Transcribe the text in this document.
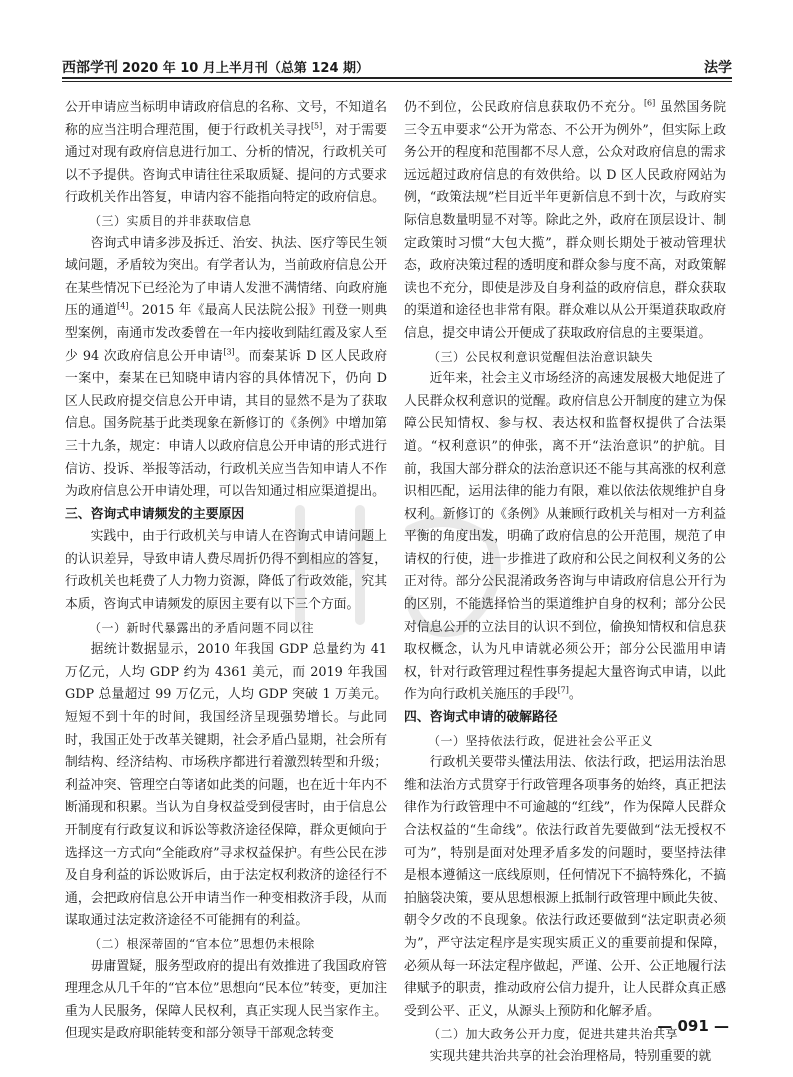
西部学刊 2020 年 10 月上半月刊（总第 124 期）	法学
公开申请应当标明申请政府信息的名称、文号，不知道名称的应当注明合理范围，便于行政机关寻找[5]，对于需要通过对现有政府信息进行加工、分析的情况，行政机关可以不予提供。咨询式申请往往采取质疑、提问的方式要求行政机关作出答复，申请内容不能指向特定的政府信息。
（三）实质目的并非获取信息
咨询式申请多涉及拆迁、治安、执法、医疗等民生领域问题，矛盾较为突出。有学者认为，当前政府信息公开在某些情况下已经沦为了申请人发泄不满情绪、向政府施压的通道[4]。2015 年《最高人民法院公报》刊登一则典型案例，南通市发改委曾在一年内接收到陆红霞及家人至少 94 次政府信息公开申请[3]。而秦某诉 D 区人民政府一案中，秦某在已知晓申请内容的具体情况下，仍向 D 区人民政府提交信息公开申请，其目的显然不是为了获取信息。国务院基于此类现象在新修订的《条例》中增加第三十九条，规定：申请人以政府信息公开申请的形式进行信访、投诉、举报等活动，行政机关应当告知申请人不作为政府信息公开申请处理，可以告知通过相应渠道提出。
三、咨询式申请频发的主要原因
实践中，由于行政机关与申请人在咨询式申请问题上的认识差异，导致申请人费尽周折仍得不到相应的答复，行政机关也耗费了人力物力资源，降低了行政效能，究其本质，咨询式申请频发的原因主要有以下三个方面。
（一）新时代暴露出的矛盾问题不同以往
据统计数据显示，2010 年我国 GDP 总量约为 41 万亿元，人均 GDP 约为 4361 美元，而 2019 年我国 GDP 总量超过 99 万亿元，人均 GDP 突破 1 万美元。短短不到十年的时间，我国经济呈现强势增长。与此同时，我国正处于改革关键期，社会矛盾凸显期，社会所有制结构、经济结构、市场秩序都进行着激烈转型和升级；利益冲突、管理空白等诸如此类的问题，也在近十年内不断涌现和积累。当认为自身权益受到侵害时，由于信息公开制度有行政复议和诉讼等救济途径保障，群众更倾向于选择这一方式向“全能政府”寻求权益保护。有些公民在涉及自身利益的诉讼败诉后，由于法定权利救济的途径行不通，会把政府信息公开申请当作一种变相救济手段，从而谋取通过法定救济途径不可能拥有的利益。
（二）根深蒂固的“官本位”思想仍未根除
毋庸置疑，服务型政府的提出有效推进了我国政府管理理念从几千年的“官本位”思想向“民本位”转变，更加注重为人民服务，保障人民权利，真正实现人民当家作主。但现实是政府职能转变和部分领导干部观念转变
仍不到位，公民政府信息获取仍不充分。[6] 虽然国务院三令五申要求“公开为常态、不公开为例外”，但实际上政务公开的程度和范围都不尽人意，公众对政府信息的需求远远超过政府信息的有效供给。以 D 区人民政府网站为例，“政策法规”栏目近半年更新信息不到十次，与政府实际信息数量明显不对等。除此之外，政府在顶层设计、制定政策时习惯“大包大揽”，群众则长期处于被动管理状态，政府决策过程的透明度和群众参与度不高，对政策解读也不充分，即使是涉及自身利益的政府信息，群众获取的渠道和途径也非常有限。群众难以从公开渠道获取政府信息，提交申请公开便成了获取政府信息的主要渠道。
（三）公民权利意识觉醒但法治意识缺失
近年来，社会主义市场经济的高速发展极大地促进了人民群众权利意识的觉醒。政府信息公开制度的建立为保障公民知情权、参与权、表达权和监督权提供了合法渠道。“权利意识”的伸张，离不开“法治意识”的护航。目前，我国大部分群众的法治意识还不能与其高涨的权利意识相匹配，运用法律的能力有限，难以依法依规维护自身权利。新修订的《条例》从兼顾行政机关与相对一方利益平衡的角度出发，明确了政府信息的公开范围，规范了申请权的行使，进一步推进了政府和公民之间权利义务的公正对待。部分公民混淆政务咨询与申请政府信息公开行为的区别，不能选择恰当的渠道维护自身的权利；部分公民对信息公开的立法目的认识不到位，偷换知情权和信息获取权概念，认为凡申请就必须公开；部分公民滥用申请权，针对行政管理过程性事务提起大量咨询式申请，以此作为向行政机关施压的手段[7]。
四、咨询式申请的破解路径
（一）坚持依法行政，促进社会公平正义
行政机关要带头懂法用法、依法行政，把运用法治思维和法治方式贯穿于行政管理各项事务的始终，真正把法律作为行政管理中不可逾越的“红线”，作为保障人民群众合法权益的“生命线”。依法行政首先要做到“法无授权不可为”，特别是面对处理矛盾多发的问题时，要坚持法律是根本遵循这一底线原则，任何情况下不搞特殊化，不搞拍脑袋决策，要从思想根源上抵制行政管理中顾此失彼、朝令夕改的不良现象。依法行政还要做到“法定职责必须为”，严守法定程序是实现实质正义的重要前提和保障，必须从每一环法定程序做起，严谨、公开、公正地履行法律赋予的职责，推动政府公信力提升，让人民群众真正感受到公平、正义，从源头上预防和化解矛盾。
（二）加大政务公开力度，促进共建共治共享
实现共建共治共享的社会治理格局，特别重要的就
— 091 —
